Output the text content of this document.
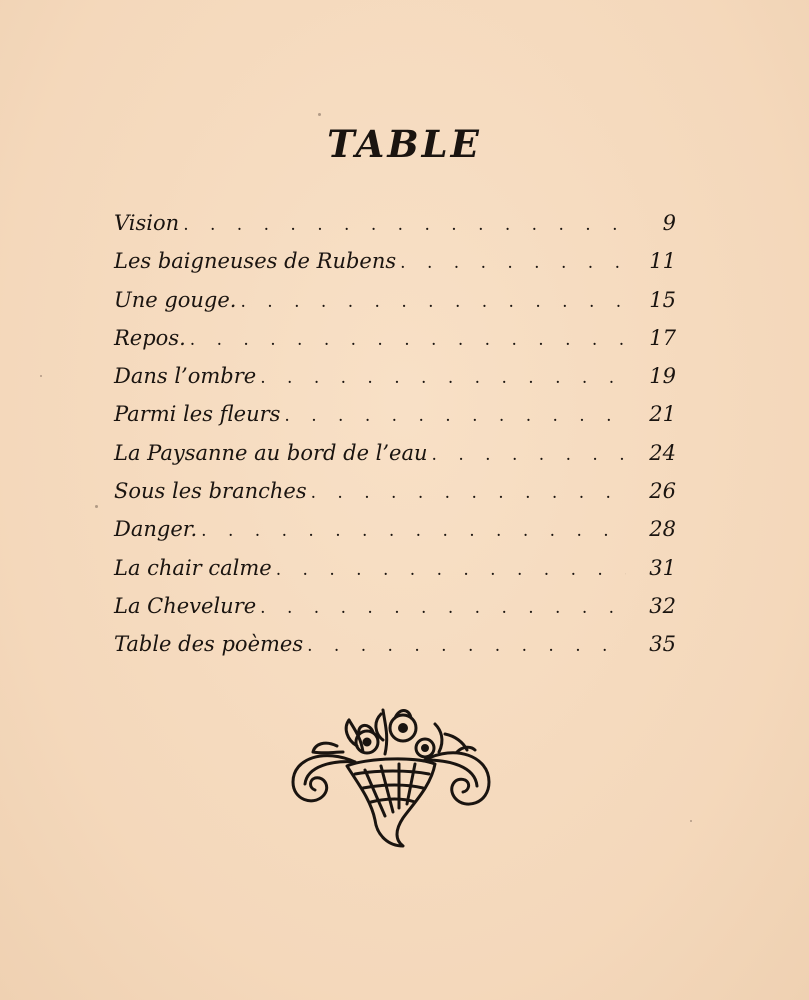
TABLE
Vision . . .	9
Les baigneuses de Rubens . . .	11
Une gouge. . . .	15
Repos. . . .	17
Dans l’ombre . . .	19
Parmi les fleurs . . .	21
La Paysanne au bord de l’eau . . .	24
Sous les branches . . .	26
Danger. . . .	28
La chair calme . . .	31
La Chevelure . . .	32
Table des poèmes . . .	35
